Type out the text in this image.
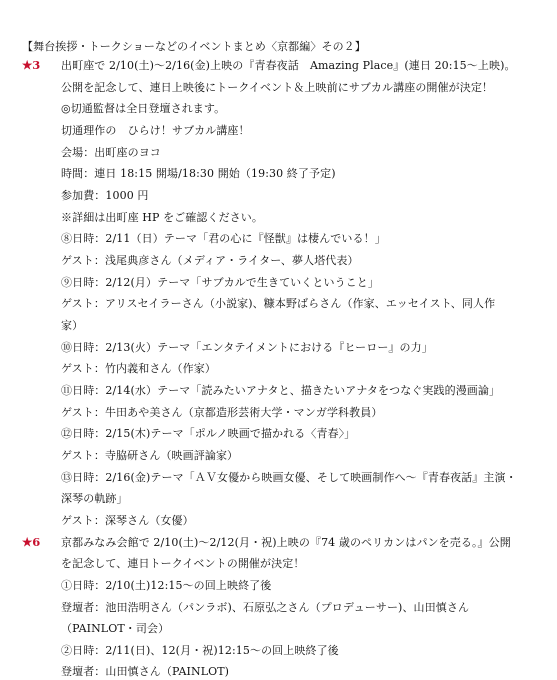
【舞台挨拶・トークショーなどのイベントまとめ〈京都編〉その２】
★3 出町座で 2/10(土)～2/16(金)上映の『青春夜話　Amazing Place』(連日 20:15～上映)。
公開を記念して、連日上映後にトークイベント＆上映前にサブカル講座の開催が決定！
◎切通監督は全日登壇されます。
切通理作の　ひらけ！サブカル講座！
会場：出町座のヨコ
時間：連日 18:15 開場/18:30 開始（19:30 終了予定)
参加費：1000 円
※詳細は出町座 HP をご確認ください。
⑧日時：2/11（日）テーマ「君の心に『怪獣』は棲んでいる！」
ゲスト：浅尾典彦さん（メディア・ライター、夢人塔代表）
⑨日時：2/12(月）テーマ「サブカルで生きていくということ」
ゲスト：アリスセイラーさん（小説家)、糠本野ばらさん（作家、エッセイスト、同人作
家）
⑩日時：2/13(火）テーマ「エンタテイメントにおける『ヒーロー』の力」
ゲスト：竹内義和さん（作家）
⑪日時：2/14(水）テーマ「読みたいアナタと、描きたいアナタをつなぐ実践的漫画論」
ゲスト：牛田あや美さん（京都造形芸術大学・マンガ学科教員）
⑫日時：2/15(木)テーマ「ポルノ映画で描かれる〈青春〉」
ゲスト：寺脇研さん（映画評論家）
⑬日時：2/16(金)テーマ「ＡＶ女優から映画女優、そして映画制作へ～『青春夜話』主演・
深琴の軌跡」
ゲスト：深琴さん（女優）
★6 京都みなみ会館で 2/10(土)～2/12(月・祝)上映の『74 歳のペリカンはパンを売る。』公開
を記念して、連日トークイベントの開催が決定！
①日時：2/10(土)12:15～の回上映終了後
登壇者：池田浩明さん（パンラボ)、石原弘之さん（プロデューサー)、山田慎さん
（PAINLOT・司会）
②日時：2/11(日)、12(月・祝)12:15～の回上映終了後
登壇者：山田慎さん（PAINLOT)
